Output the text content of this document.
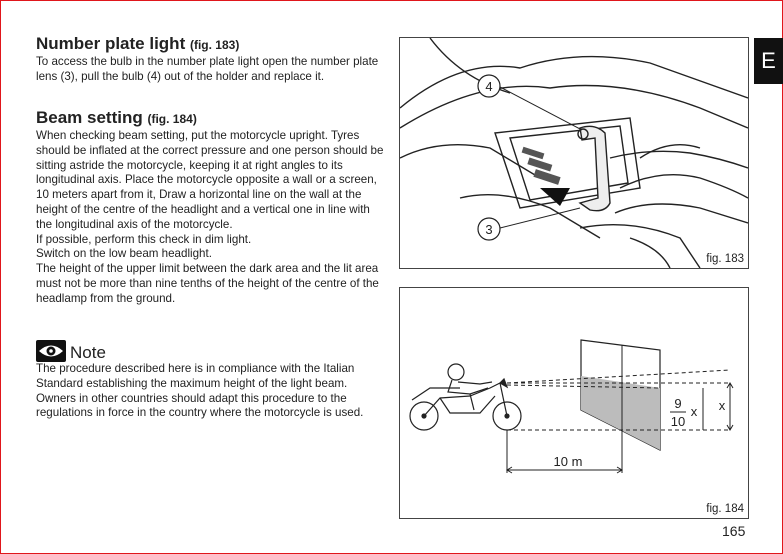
Number plate light (fig. 183)

To access the bulb in the number plate light open the number plate lens (3), pull the bulb (4) out of the holder and replace it.

Beam setting (fig. 184)

When checking beam setting, put the motorcycle upright. Tyres should be inflated at the correct pressure and one person should be sitting astride the motorcycle, keeping it at right angles to its longitudinal axis. Place the motorcycle opposite a wall or a screen, 10 meters apart from it, Draw a horizontal line on the wall at the height of the centre of the headlight and a vertical one in line with the longitudinal axis of the motorcycle.

If possible, perform this check in dim light.

Switch on the low beam headlight.

The height of the upper limit between the dark area and the lit area must not be more than nine tenths of the height of the centre of the headlamp from the ground.

Note

The procedure described here is in compliance with the Italian Standard establishing the maximum height of the light beam.

Owners in other countries should adapt this procedure to the regulations in force in the country where the motorcycle is used.

E
4
3
fig. 183
x
9
10
x
10 m
fig. 184
165
